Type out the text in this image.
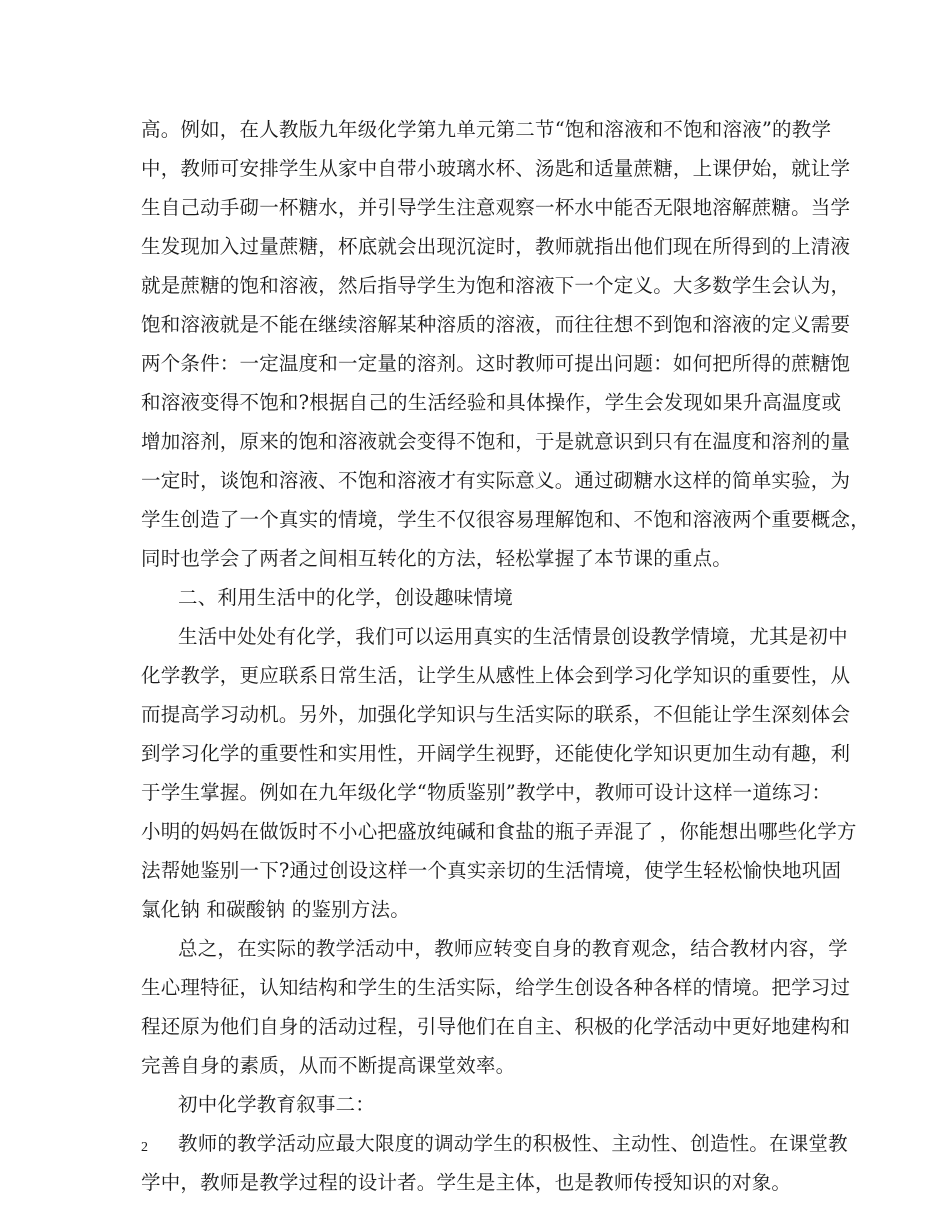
高。例如，在人教版九年级化学第九单元第二节“饱和溶液和不饱和溶液”的教学
中，教师可安排学生从家中自带小玻璃水杯、汤匙和适量蔗糖，上课伊始，就让学
生自己动手砌一杯糖水，并引导学生注意观察一杯水中能否无限地溶解蔗糖。当学
生发现加入过量蔗糖，杯底就会出现沉淀时，教师就指出他们现在所得到的上清液
就是蔗糖的饱和溶液，然后指导学生为饱和溶液下一个定义。大多数学生会认为，
饱和溶液就是不能在继续溶解某种溶质的溶液，而往往想不到饱和溶液的定义需要
两个条件：一定温度和一定量的溶剂。这时教师可提出问题：如何把所得的蔗糖饱
和溶液变得不饱和?根据自己的生活经验和具体操作，学生会发现如果升高温度或
增加溶剂，原来的饱和溶液就会变得不饱和，于是就意识到只有在温度和溶剂的量
一定时，谈饱和溶液、不饱和溶液才有实际意义。通过砌糖水这样的简单实验，为
学生创造了一个真实的情境，学生不仅很容易理解饱和、不饱和溶液两个重要概念，
同时也学会了两者之间相互转化的方法，轻松掌握了本节课的重点。
二、利用生活中的化学，创设趣味情境
生活中处处有化学，我们可以运用真实的生活情景创设教学情境，尤其是初中
化学教学，更应联系日常生活，让学生从感性上体会到学习化学知识的重要性，从
而提高学习动机。另外，加强化学知识与生活实际的联系，不但能让学生深刻体会
到学习化学的重要性和实用性，开阔学生视野，还能使化学知识更加生动有趣，利
于学生掌握。例如在九年级化学“物质鉴别”教学中，教师可设计这样一道练习：
小明的妈妈在做饭时不小心把盛放纯碱和食盐的瓶子弄混了 ，你能想出哪些化学方
法帮她鉴别一下?通过创设这样一个真实亲切的生活情境，使学生轻松愉快地巩固
氯化钠 和碳酸钠 的鉴别方法。
总之，在实际的教学活动中，教师应转变自身的教育观念，结合教材内容，学
生心理特征，认知结构和学生的生活实际，给学生创设各种各样的情境。把学习过
程还原为他们自身的活动过程，引导他们在自主、积极的化学活动中更好地建构和
完善自身的素质，从而不断提高课堂效率。
初中化学教育叙事二：
教师的教学活动应最大限度的调动学生的积极性、主动性、创造性。在课堂教
学中，教师是教学过程的设计者。学生是主体，也是教师传授知识的对象。
2
